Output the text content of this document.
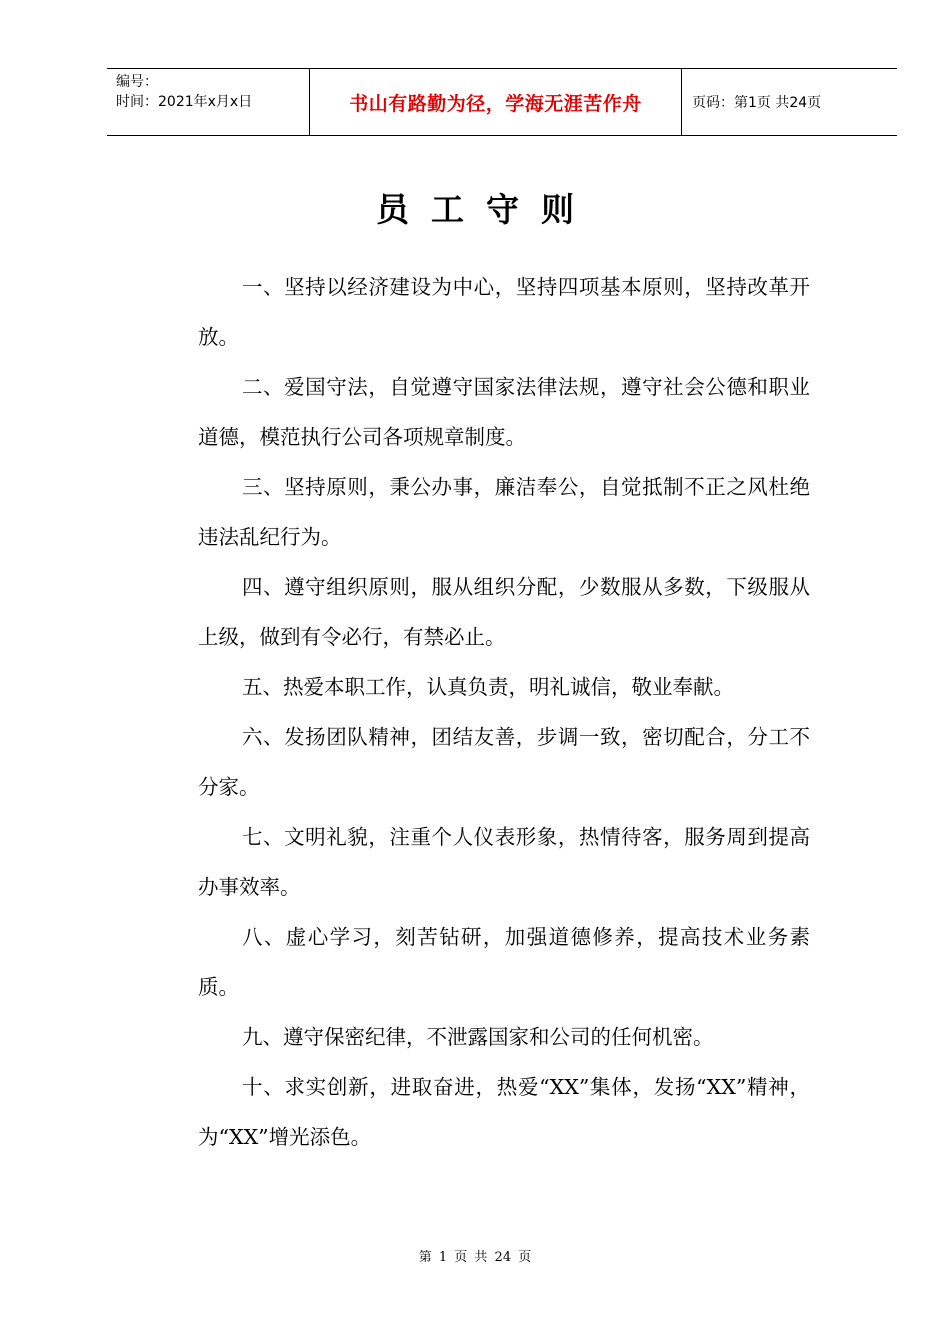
编号：
时间：2021年x月x日	书山有路勤为径，学海无涯苦作舟	页码：第1页 共24页
员工守则

一、坚持以经济建设为中心，坚持四项基本原则，坚持改革开放。

二、爱国守法，自觉遵守国家法律法规，遵守社会公德和职业道德，模范执行公司各项规章制度。

三、坚持原则，秉公办事，廉洁奉公，自觉抵制不正之风杜绝违法乱纪行为。

四、遵守组织原则，服从组织分配，少数服从多数，下级服从上级，做到有令必行，有禁必止。

五、热爱本职工作，认真负责，明礼诚信，敬业奉献。

六、发扬团队精神，团结友善，步调一致，密切配合，分工不分家。

七、文明礼貌，注重个人仪表形象，热情待客，服务周到提高办事效率。

八、虚心学习，刻苦钻研，加强道德修养，提高技术业务素质。

九、遵守保密纪律，不泄露国家和公司的任何机密。

十、求实创新，进取奋进，热爱“XX”集体，发扬“XX”精神，为“XX”增光添色。

第 1 页 共 24 页
